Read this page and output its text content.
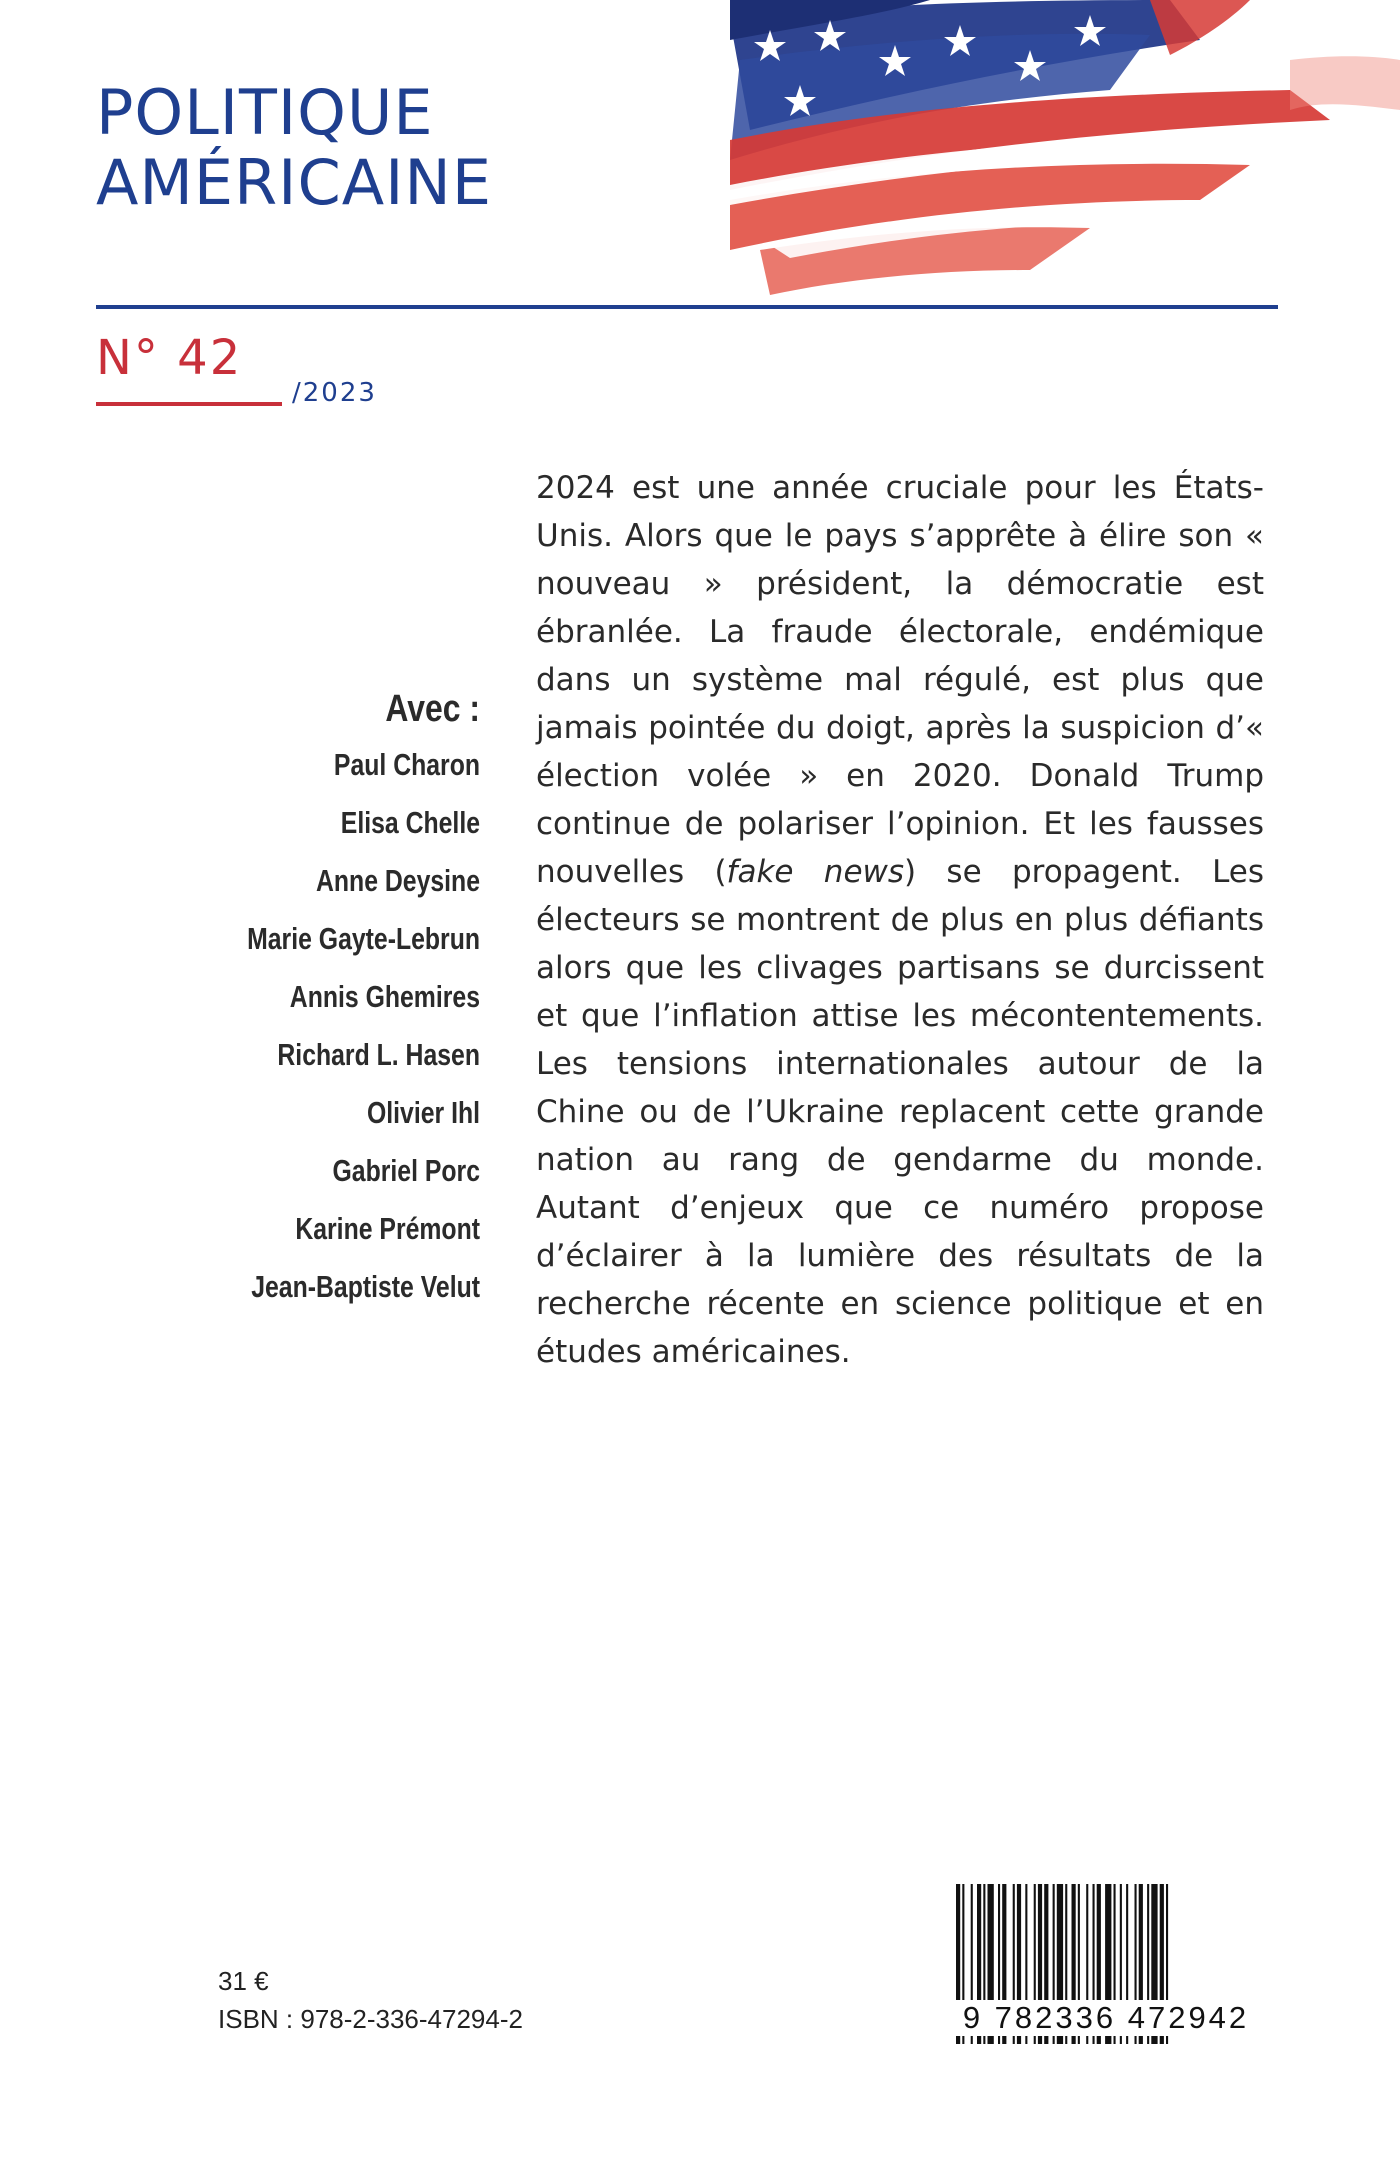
POLITIQUE
AMÉRICAINE
N° 42
/2023
Avec :
Paul Charon
Elisa Chelle
Anne Deysine
Marie Gayte-Lebrun
Annis Ghemires
Richard L. Hasen
Olivier Ihl
Gabriel Porc
Karine Prémont
Jean-Baptiste Velut

2024 est une année cruciale pour les États-Unis. Alors que le pays s’apprête à élire son « nouveau » président, la démocratie est ébranlée. La fraude électorale, endémique dans un système mal régulé, est plus que jamais pointée du doigt, après la suspicion d’« élection volée » en 2020. Donald Trump continue de polariser l’opinion. Et les fausses nouvelles (fake news) se propagent. Les électeurs se montrent de plus en plus défiants alors que les clivages partisans se durcissent et que l’inflation attise les mécontentements. Les tensions internationales autour de la Chine ou de l’Ukraine replacent cette grande nation au rang de gendarme du monde. Autant d’enjeux que ce numéro propose d’éclairer à la lumière des résultats de la recherche récente en science politique et en études américaines.

31 €
ISBN : 978-2-336-47294-2	9 782336 472942
